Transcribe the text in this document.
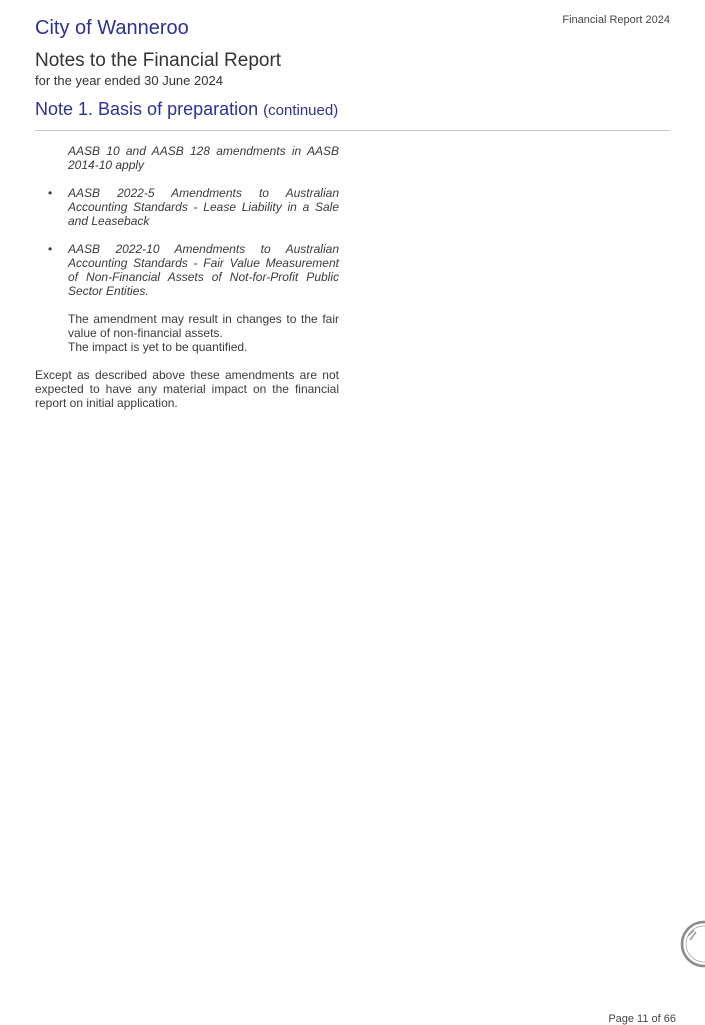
City of Wanneroo	Financial Report 2024
Notes to the Financial Report
for the year ended 30 June 2024
Note 1. Basis of preparation (continued)

AASB 10 and AASB 128 amendments in AASB 2014-10 apply

• AASB 2022-5 Amendments to Australian Accounting Standards - Lease Liability in a Sale and Leaseback

• AASB 2022-10 Amendments to Australian Accounting Standards - Fair Value Measurement of Non-Financial Assets of Not-for-Profit Public Sector Entities.

The amendment may result in changes to the fair value of non-financial assets.

The impact is yet to be quantified.

Except as described above these amendments are not expected to have any material impact on the financial report on initial application.

Page 11 of 66
